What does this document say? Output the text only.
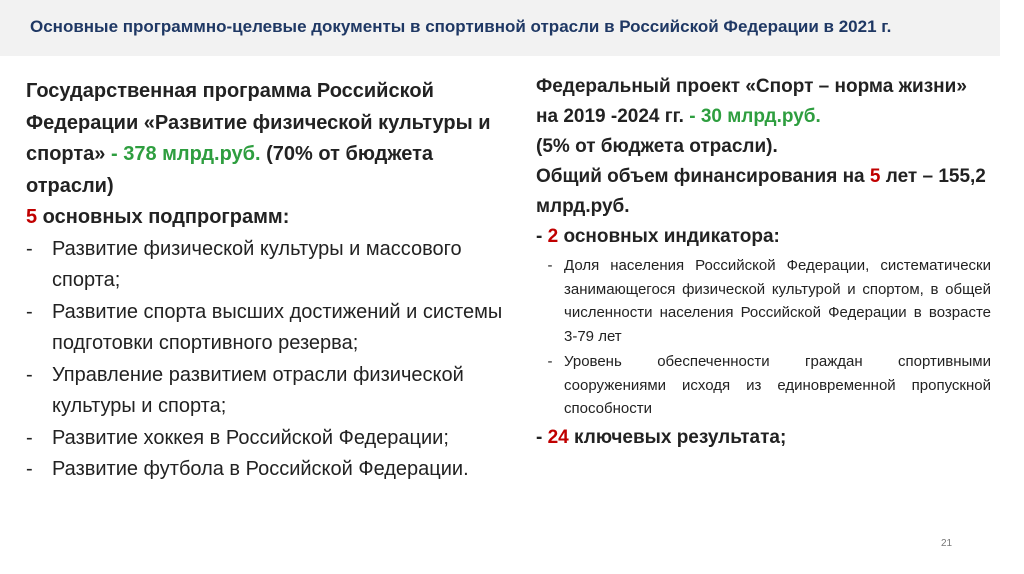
Основные программно-целевые документы в спортивной отрасли в Российской Федерации в 2021 г.
Государственная программа Российской Федерации «Развитие физической культуры и спорта» - 378 млрд.руб. (70% от бюджета отрасли)
5 основных подпрограмм:
- Развитие физической культуры и массового спорта;
- Развитие спорта высших достижений и системы подготовки спортивного резерва;
- Управление развитием отрасли физической культуры и спорта;
- Развитие хоккея в Российской Федерации;
- Развитие футбола в Российской Федерации.
Федеральный проект «Спорт – норма жизни» на 2019 -2024 гг. - 30 млрд.руб.
(5% от бюджета отрасли).
Общий объем финансирования на 5 лет – 155,2 млрд.руб.
- 2 основных индикатора:
- Доля населения Российской Федерации, систематически занимающегося физической культурой и спортом, в общей численности населения Российской Федерации в возрасте 3-79 лет
- Уровень обеспеченности граждан спортивными сооружениями исходя из единовременной пропускной способности
- 24 ключевых результата;
21
